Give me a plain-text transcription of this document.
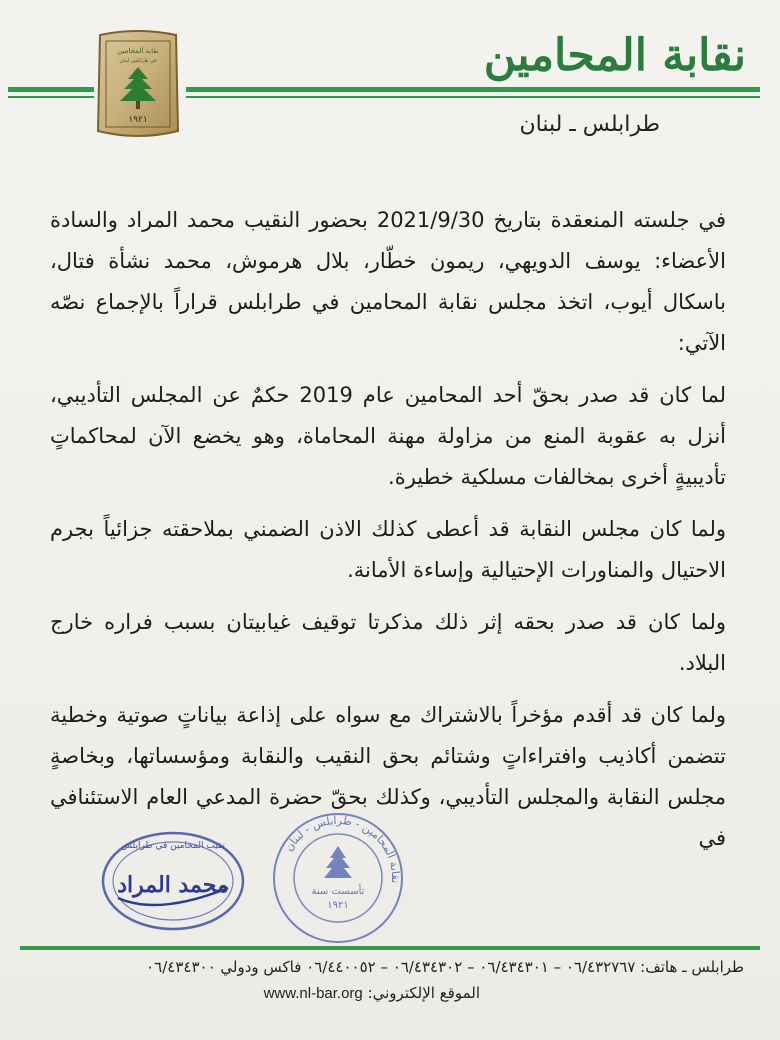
نقابة المحامين
طرابلس ـ لبنان
نقابة المحامين
في طرابلس لبنان
١٩٢١

في جلسته المنعقدة بتاريخ 2021/9/30 بحضور النقيب محمد المراد والسادة الأعضاء: يوسف الدويهي، ريمون خطّار، بلال هرموش، محمد نشأة فتال، باسكال أيوب، اتخذ مجلس نقابة المحامين في طرابلس قراراً بالإجماع نصّه الآتي:

لما كان قد صدر بحقّ أحد المحامين عام 2019 حكمٌ عن المجلس التأديبي، أنزل به عقوبة المنع من مزاولة مهنة المحاماة، وهو يخضع الآن لمحاكماتٍ تأديبيةٍ أخرى بمخالفات مسلكية خطيرة.

ولما كان مجلس النقابة قد أعطى كذلك الاذن الضمني بملاحقته جزائياً بجرم الاحتيال والمناورات الإحتيالية وإساءة الأمانة.

ولما كان قد صدر بحقه إثر ذلك مذكرتا توقيف غيابيتان بسبب فراره خارج البلاد.

ولما كان قد أقدم مؤخراً بالاشتراك مع سواه على إذاعة بياناتٍ صوتية وخطية تتضمن أكاذيب وافتراءاتٍ وشتائم بحق النقيب والنقابة ومؤسساتها، وبخاصةٍ مجلس النقابة والمجلس التأديبي، وكذلك بحقّ حضرة المدعي العام الاستئنافي في

نقيب المحامين في طرابلس
محمد المراد
نقابة المحامين - طرابلس - لبنان
تأسست سنة
١٩٢١
طرابلس ـ هاتف: ٠٦/٤٣٢٧٦٧ – ٠٦/٤٣٤٣٠١ – ٠٦/٤٣٤٣٠٢ – ٠٦/٤٤٠٠٥٢ فاكس ودولي ٠٦/٤٣٤٣٠٠
الموقع الإلكتروني: www.nl-bar.org
